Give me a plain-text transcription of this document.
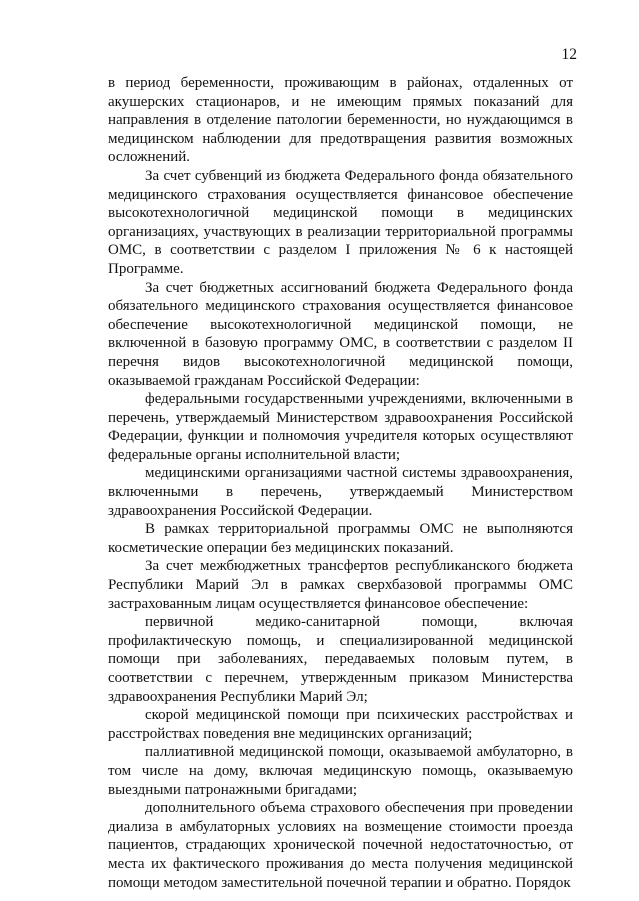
12

в период беременности, проживающим в районах, отдаленных от акушерских стационаров, и не имеющим прямых показаний для направления в отделение патологии беременности, но нуждающимся в медицинском наблюдении для предотвращения развития возможных осложнений.

За счет субвенций из бюджета Федерального фонда обязательного медицинского страхования осуществляется финансовое обеспечение высокотехнологичной медицинской помощи в медицинских организациях, участвующих в реализации территориальной программы ОМС, в соответствии с разделом I приложения № 6 к настоящей Программе.

За счет бюджетных ассигнований бюджета Федерального фонда обязательного медицинского страхования осуществляется финансовое обеспечение высокотехнологичной медицинской помощи, не включенной в базовую программу ОМС, в соответствии с разделом II перечня видов высокотехнологичной медицинской помощи, оказываемой гражданам Российской Федерации:

федеральными государственными учреждениями, включенными в перечень, утверждаемый Министерством здравоохранения Российской Федерации, функции и полномочия учредителя которых осуществляют федеральные органы исполнительной власти;

медицинскими организациями частной системы здравоохранения, включенными в перечень, утверждаемый Министерством здравоохранения Российской Федерации.

В рамках территориальной программы ОМС не выполняются косметические операции без медицинских показаний.

За счет межбюджетных трансфертов республиканского бюджета Республики Марий Эл в рамках сверхбазовой программы ОМС застрахованным лицам осуществляется финансовое обеспечение:

первичной медико-санитарной помощи, включая профилактическую помощь, и специализированной медицинской помощи при заболеваниях, передаваемых половым путем, в соответствии с перечнем, утвержденным приказом Министерства здравоохранения Республики Марий Эл;

скорой медицинской помощи при психических расстройствах и расстройствах поведения вне медицинских организаций;

паллиативной медицинской помощи, оказываемой амбулаторно, в том числе на дому, включая медицинскую помощь, оказываемую выездными патронажными бригадами;

дополнительного объема страхового обеспечения при проведении диализа в амбулаторных условиях на возмещение стоимости проезда пациентов, страдающих хронической почечной недостаточностью, от места их фактического проживания до места получения медицинской помощи методом заместительной почечной терапии и обратно. Порядок
